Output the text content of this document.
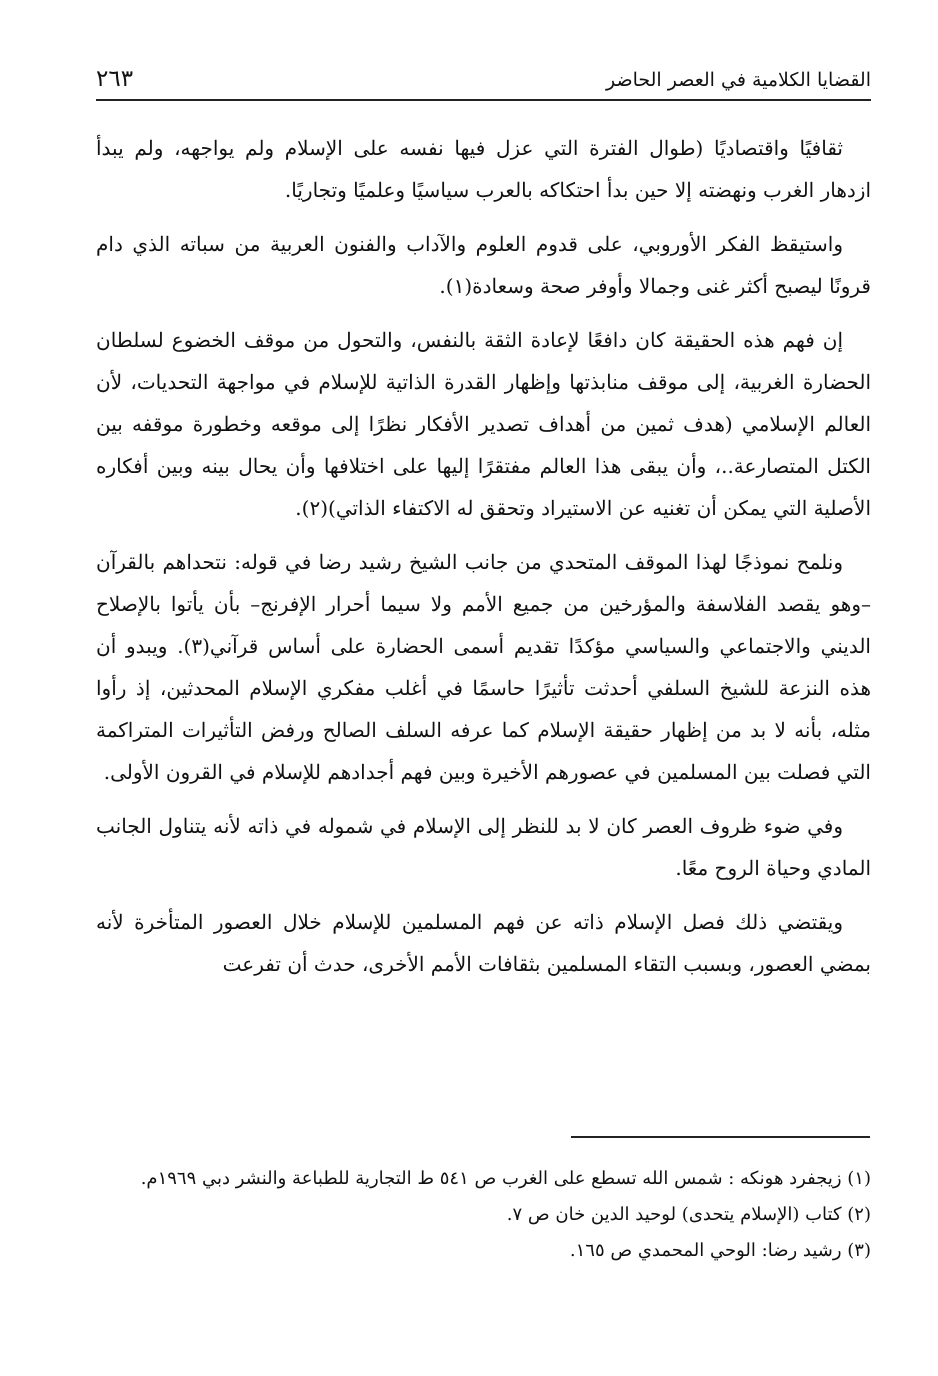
القضايا الكلامية في العصر الحاضر
٢٦٣

ثقافيًا واقتصاديًا (طوال الفترة التي عزل فيها نفسه على الإسلام ولم يواجهه، ولم يبدأ ازدهار الغرب ونهضته إلا حين بدأ احتكاكه بالعرب سياسيًا وعلميًا وتجاريًا.

واستيقظ الفكر الأوروبي، على قدوم العلوم والآداب والفنون العربية من سباته الذي دام قرونًا ليصبح أكثر غنى وجمالا وأوفر صحة وسعادة(١).

إن فهم هذه الحقيقة كان دافعًا لإعادة الثقة بالنفس، والتحول من موقف الخضوع لسلطان الحضارة الغربية، إلى موقف منابذتها وإظهار القدرة الذاتية للإسلام في مواجهة التحديات، لأن العالم الإسلامي (هدف ثمين من أهداف تصدير الأفكار نظرًا إلى موقعه وخطورة موقفه بين الكتل المتصارعة..، وأن يبقى هذا العالم مفتقرًا إليها على اختلافها وأن يحال بينه وبين أفكاره الأصلية التي يمكن أن تغنيه عن الاستيراد وتحقق له الاكتفاء الذاتي)(٢).

ونلمح نموذجًا لهذا الموقف المتحدي من جانب الشيخ رشيد رضا في قوله: نتحداهم بالقرآن –وهو يقصد الفلاسفة والمؤرخين من جميع الأمم ولا سيما أحرار الإفرنج– بأن يأتوا بالإصلاح الديني والاجتماعي والسياسي مؤكدًا تقديم أسمى الحضارة على أساس قرآني(٣). ويبدو أن هذه النزعة للشيخ السلفي أحدثت تأثيرًا حاسمًا في أغلب مفكري الإسلام المحدثين، إذ رأوا مثله، بأنه لا بد من إظهار حقيقة الإسلام كما عرفه السلف الصالح ورفض التأثيرات المتراكمة التي فصلت بين المسلمين في عصورهم الأخيرة وبين فهم أجدادهم للإسلام في القرون الأولى.

وفي ضوء ظروف العصر كان لا بد للنظر إلى الإسلام في شموله في ذاته لأنه يتناول الجانب المادي وحياة الروح معًا.

ويقتضي ذلك فصل الإسلام ذاته عن فهم المسلمين للإسلام خلال العصور المتأخرة لأنه بمضي العصور، وبسبب التقاء المسلمين بثقافات الأمم الأخرى، حدث أن تفرعت

(١) زيجفرد هونكه : شمس الله تسطع على الغرب ص ٥٤١ ط التجارية للطباعة والنشر دبي ١٩٦٩م.

(٢) كتاب (الإسلام يتحدى) لوحيد الدين خان ص ٧.

(٣) رشيد رضا: الوحي المحمدي ص ١٦٥.
